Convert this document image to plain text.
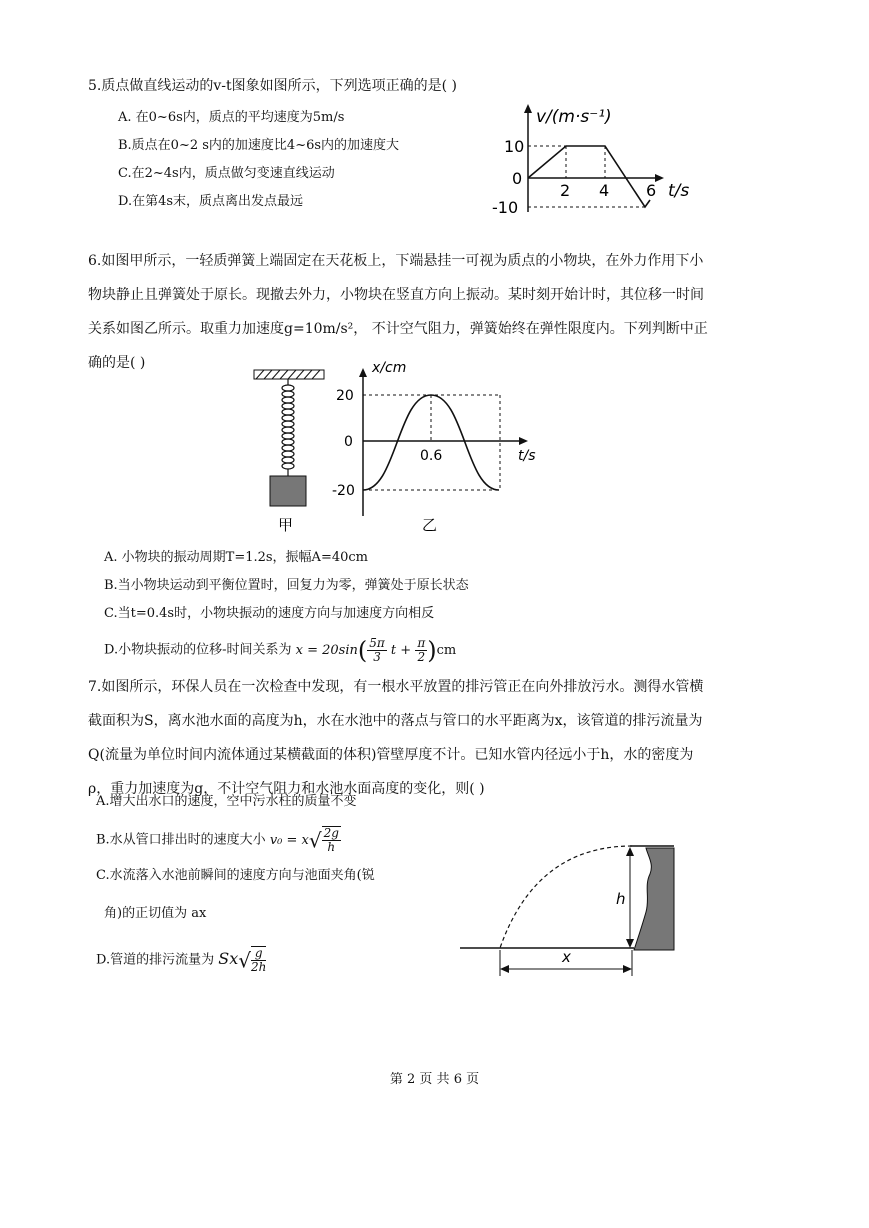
5.质点做直线运动的v-t图象如图所示，下列选项正确的是( )
A. 在0~6s内，质点的平均速度为5m/s
B.质点在0~2 s内的加速度比4~6s内的加速度大
C.在2~4s内，质点做匀变速直线运动
D.在第4s末，质点离出发点最远
v/(m·s⁻¹)
10
0
-10
2 4 6 t/s
6.如图甲所示，一轻质弹簧上端固定在天花板上，下端悬挂一可视为质点的小物块，在外力作用下小物块静止且弹簧处于原长。现撤去外力，小物块在竖直方向上振动。某时刻开始计时，其位移一时间关系如图乙所示。取重力加速度g=10m/s²， 不计空气阻力，弹簧始终在弹性限度内。下列判断中正确的是( )
甲
x/cm
20
0
-20
0.6	t/s
乙
A. 小物块的振动周期T=1.2s，振幅A=40cm
B.当小物块运动到平衡位置时，回复力为零，弹簧处于原长状态
C.当t=0.4s时，小物块振动的速度方向与加速度方向相反
D.小物块振动的位移-时间关系为 $x = 20\sin( \frac{5\pi}{3}$ $t + \frac{\pi}{2} )cm$
7.如图所示，环保人员在一次检查中发现，有一根水平放置的排污管正在向外排放污水。测得水管横截面积为S，离水池水面的高度为h，水在水池中的落点与管口的水平距离为x，该管道的排污流量为Q(流量为单位时间内流体通过某横截面的体积)管壁厚度不计。已知水管内径远小于h，水的密度为ρ，重力加速度为g，不计空气阻力和水池水面高度的变化，则( )
A.增大出水口的速度，空中污水柱的质量不变
B.水从管口排出时的速度大小 $v_0 = x√ \frac{2g}{h}$
C.水流落入水池前瞬间的速度方向与池面夹角(锐
角)的正切值为 ax
D.管道的排污流量为 $Sx√ \frac{g}{2h}$
h
x
第 2 页 共 6 页
